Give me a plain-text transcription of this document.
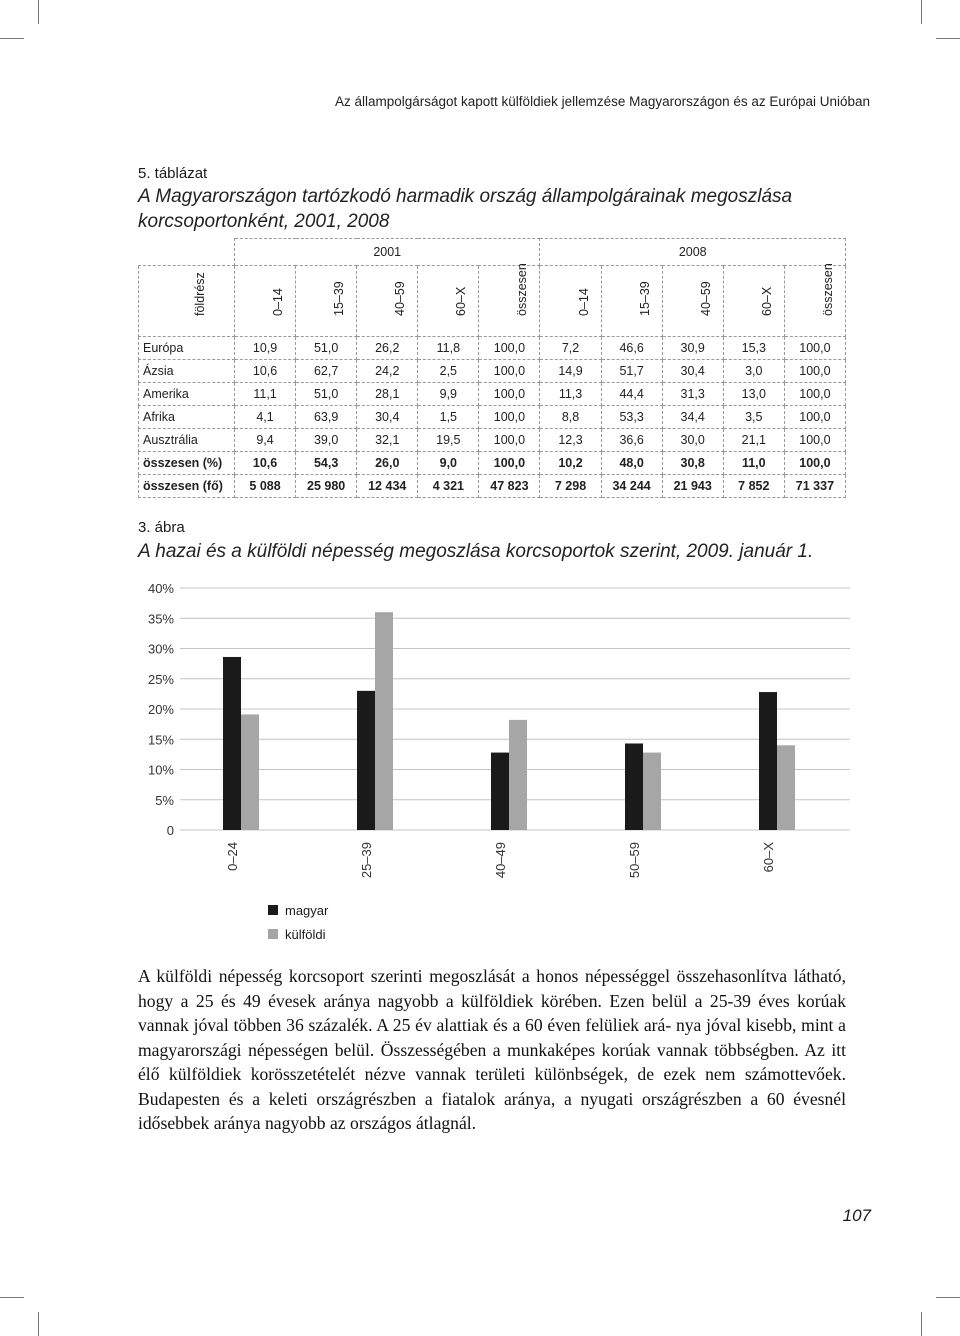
Az állampolgárságot kapott külföldiek jellemzése Magyarországon és az Európai Unióban
5. táblázat
A Magyarországon tartózkodó harmadik ország állampolgárainak megoszlása korcsoportonként, 2001, 2008
	2001					2008				

földrész	0–14	15–39	40–59	60–X	összesen	0–14	15–39	40–59	60–X	összesen

Európa	10,9	51,0	26,2	11,8	100,0	7,2	46,6	30,9	15,3	100,0
Ázsia	10,6	62,7	24,2	2,5	100,0	14,9	51,7	30,4	3,0	100,0
Amerika	11,1	51,0	28,1	9,9	100,0	11,3	44,4	31,3	13,0	100,0
Afrika	4,1	63,9	30,4	1,5	100,0	8,8	53,3	34,4	3,5	100,0
Ausztrália	9,4	39,0	32,1	19,5	100,0	12,3	36,6	30,0	21,1	100,0
összesen (%)	10,6	54,3	26,0	9,0	100,0	10,2	48,0	30,8	11,0	100,0
összesen (fő)	5 088	25 980	12 434	4 321	47 823	7 298	34 244	21 943	7 852	71 337
3. ábra
A hazai és a külföldi népesség megoszlása korcsoportok szerint, 2009. január 1.
0
5%
10%
15%
20%
25%
30%
35%
40%
0–24	25–39	40–49	50–59	60–X
magyar
külföldi
A külföldi népesség korcsoport szerinti megoszlását a honos népességgel összehasonlítva látható, hogy a 25 és 49 évesek aránya nagyobb a külföldiek körében. Ezen belül a 25-39 éves korúak vannak jóval többen 36 százalék. A 25 év alattiak és a 60 éven felüliek ará- nya jóval kisebb, mint a magyarországi népességen belül. Összességében a munkaképes korúak vannak többségben. Az itt élő külföldiek korösszetételét nézve vannak területi különbségek, de ezek nem számottevőek. Budapesten és a keleti országrészben a fiatalok aránya, a nyugati országrészben a 60 évesnél idősebbek aránya nagyobb az országos átlagnál.
107
